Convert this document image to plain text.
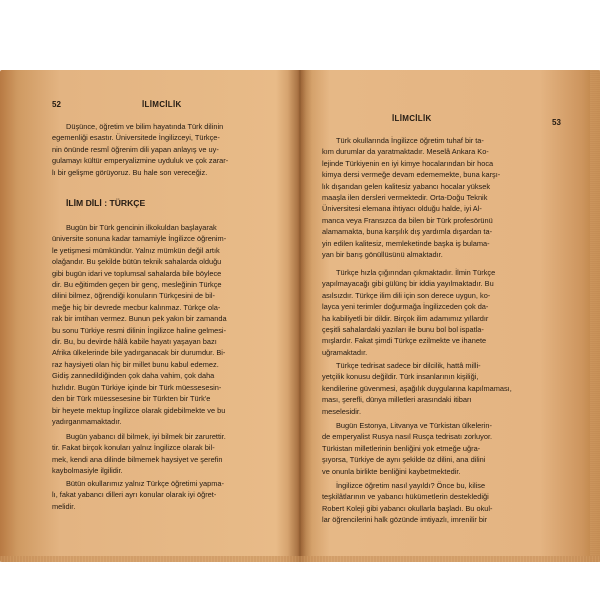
52	İLİMCİLİK
Düşünce, öğretim ve bilim hayatında Türk dilinin
egemenliği esastır. Üniversitede İngilizceyi, Türkçe-
nin önünde resmî öğrenim dili yapan anlayış ve uy-
gulamayı kültür emperyalizmine uyduluk ve çok zarar-
lı bir gelişme görüyoruz. Bu hale son vereceğiz.
İLİM DİLİ : TÜRKÇE
Bugün bir Türk gencinin ilkokuldan başlayarak
üniversite sonuna kadar tamamiyle İngilizce öğrenim-
le yetişmesi mümkündür. Yalnız mümkün değil artık
olağandır. Bu şekilde bütün teknik sahalarda olduğu
gibi bugün idari ve toplumsal sahalarda bile böylece
dir. Bu eğitimden geçen bir genç, mesleğinin Türkçe
dilini bilmez, öğrendiği konuların Türkçesini de bil-
meğe hiç bir devrede mecbur kalınmaz. Türkçe ola-
rak bir imtihan vermez. Bunun pek yakın bir zamanda
bu sonu Türkiye resmi dilinin İngilizce haline gelmesi-
dir. Bu, bu devirde hâlâ kabile hayatı yaşayan bazı
Afrika ülkelerinde bile yadırganacak bir durumdur. Bi-
raz haysiyeti olan hiç bir millet bunu kabul edemez.
Gidiş zannedildiğinden çok daha vahim, çok daha
hızlıdır. Bugün Türkiye içinde bir Türk müessesesin-
den bir Türk müessesesine bir Türkten bir Türk'e
bir heyete mektup İngilizce olarak gidebilmekte ve bu
yadırganmamaktadır.
Bugün yabancı dil bilmek, iyi bilmek bir zarurettir.
tir. Fakat birçok konuları yalnız İngilizce olarak bil-
mek, kendi ana dilinde bilmemek haysiyet ve şerefin
kaybolmasiyle ilgilidir.
Bütün okullarımız yalnız Türkçe öğretimi yapma-
lı, fakat yabancı dilleri ayrı konular olarak iyi öğret-
melidir.
İLİMCİLİK	53
Türk okullarında İngilizce öğretim tuhaf bir ta-
kım durumlar da yaratmaktadır. Meselâ Ankara Ko-
lejinde Türkiyenin en iyi kimye hocalarından bir hoca
kimya dersi vermeğe devam edememekte, buna karşı-
lık dışarıdan gelen kalitesiz yabancı hocalar yüksek
maaşla ilen dersleri vermektedir. Orta-Doğu Teknik
Üniversitesi elemana ihtiyacı olduğu halde, iyi Al-
manca veya Fransızca da bilen bir Türk profesörünü
alamamakta, buna karşılık dış yardımla dışardan ta-
yin edilen kalitesiz, memleketinde başka iş bulama-
yan bir barış gönüllüsünü almaktadır.
Türkçe hızla çığırından çıkmaktadır. İlmin Türkçe
yapılmayacağı gibi gülünç bir iddia yayılmaktadır. Bu
asılsızdır. Türkçe ilim dili için son derece uygun, ko-
layca yeni terimler doğurmağa İngilizceden çok da-
ha kabiliyetli bir dildir. Birçok ilim adamımız yıllardır
çeşitli sahalardaki yazıları ile bunu bol bol ispatla-
mışlardır. Fakat şimdi Türkçe ezilmekte ve ihanete
uğramaktadır.
Türkçe tedrisat sadece bir dilcilik, hattâ milli-
yetçilik konusu değildir. Türk insanlarının kişiliği,
kendilerine güvenmesi, aşağılık duygularına kapılmaması,
ması, şerefli, dünya milletleri arasındaki itibarı
meselesidir.
Bugün Estonya, Litvanya ve Türkistan ülkelerin-
de emperyalist Rusya nasıl Rusça tedrisatı zorluyor.
Türkistan milletlerinin benliğini yok etmeğe uğra-
şıyorsa, Türkiye de aynı şekilde öz dilini, ana dilini
ve onunla birlikte benliğini kaybetmektedir.
İngilizce öğretim nasıl yayıldı? Önce bu, kilise
teşkilâtlarının ve yabancı hükümetlerin desteklediği
Robert Koleji gibi yabancı okullarla başladı. Bu okul-
lar öğrencilerini halk gözünde imtiyazlı, imrenilir bir
